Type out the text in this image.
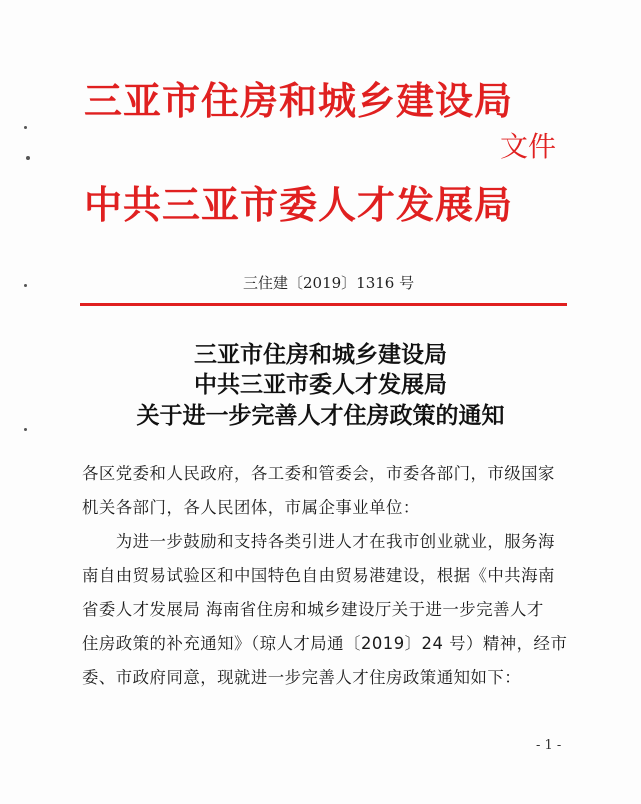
三亚市住房和城乡建设局
文件
中共三亚市委人才发展局
三住建〔2019〕1316 号
三亚市住房和城乡建设局
中共三亚市委人才发展局
关于进一步完善人才住房政策的通知
各区党委和人民政府，各工委和管委会，市委各部门，市级国家
机关各部门，各人民团体，市属企事业单位：
　　为进一步鼓励和支持各类引进人才在我市创业就业，服务海
南自由贸易试验区和中国特色自由贸易港建设，根据《中共海南
省委人才发展局 海南省住房和城乡建设厅关于进一步完善人才
住房政策的补充通知》（琼人才局通〔2019〕24 号）精神，经市
委、市政府同意，现就进一步完善人才住房政策通知如下：
- 1 -
